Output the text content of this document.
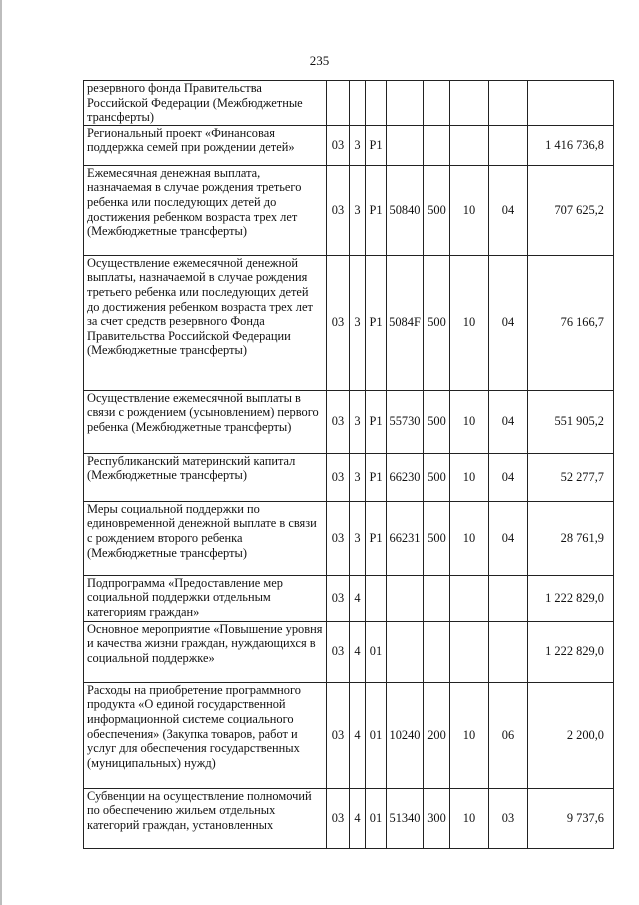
235
резервного фонда Правительства Российской Федерации (Межбюджетные трансферты)								
Региональный проект «Финансовая поддержка семей при рождении детей»	03	3	P1					1 416 736,8
Ежемесячная денежная выплата, назначаемая в случае рождения третьего ребенка или последующих детей до достижения ребенком возраста трех лет (Межбюджетные трансферты)	03	3	P1	50840	500	10	04	707 625,2
Осуществление ежемесячной денежной выплаты, назначаемой в случае рождения третьего ребенка или последующих детей до достижения ребенком возраста трех лет за счет средств резервного Фонда Правительства Российской Федерации (Межбюджетные трансферты)	03	3	P1	5084F	500	10	04	76 166,7
Осуществление ежемесячной выплаты в связи с рождением (усыновлением) первого ребенка (Межбюджетные трансферты)	03	3	P1	55730	500	10	04	551 905,2
Республиканский материнский капитал (Межбюджетные трансферты)	03	3	P1	66230	500	10	04	52 277,7
Меры социальной поддержки по единовременной денежной выплате в связи с рождением второго ребенка (Межбюджетные трансферты)	03	3	P1	66231	500	10	04	28 761,9
Подпрограмма «Предоставление мер социальной поддержки отдельным категориям граждан»	03	4						1 222 829,0
Основное мероприятие «Повышение уровня и качества жизни граждан, нуждающихся в социальной поддержке»	03	4	01					1 222 829,0
Расходы на приобретение программного продукта «О единой государственной информационной системе социального обеспечения» (Закупка товаров, работ и услуг для обеспечения государственных (муниципальных) нужд)	03	4	01	10240	200	10	06	2 200,0
Субвенции на осуществление полномочий по обеспечению жильем отдельных категорий граждан, установленных	03	4	01	51340	300	10	03	9 737,6
